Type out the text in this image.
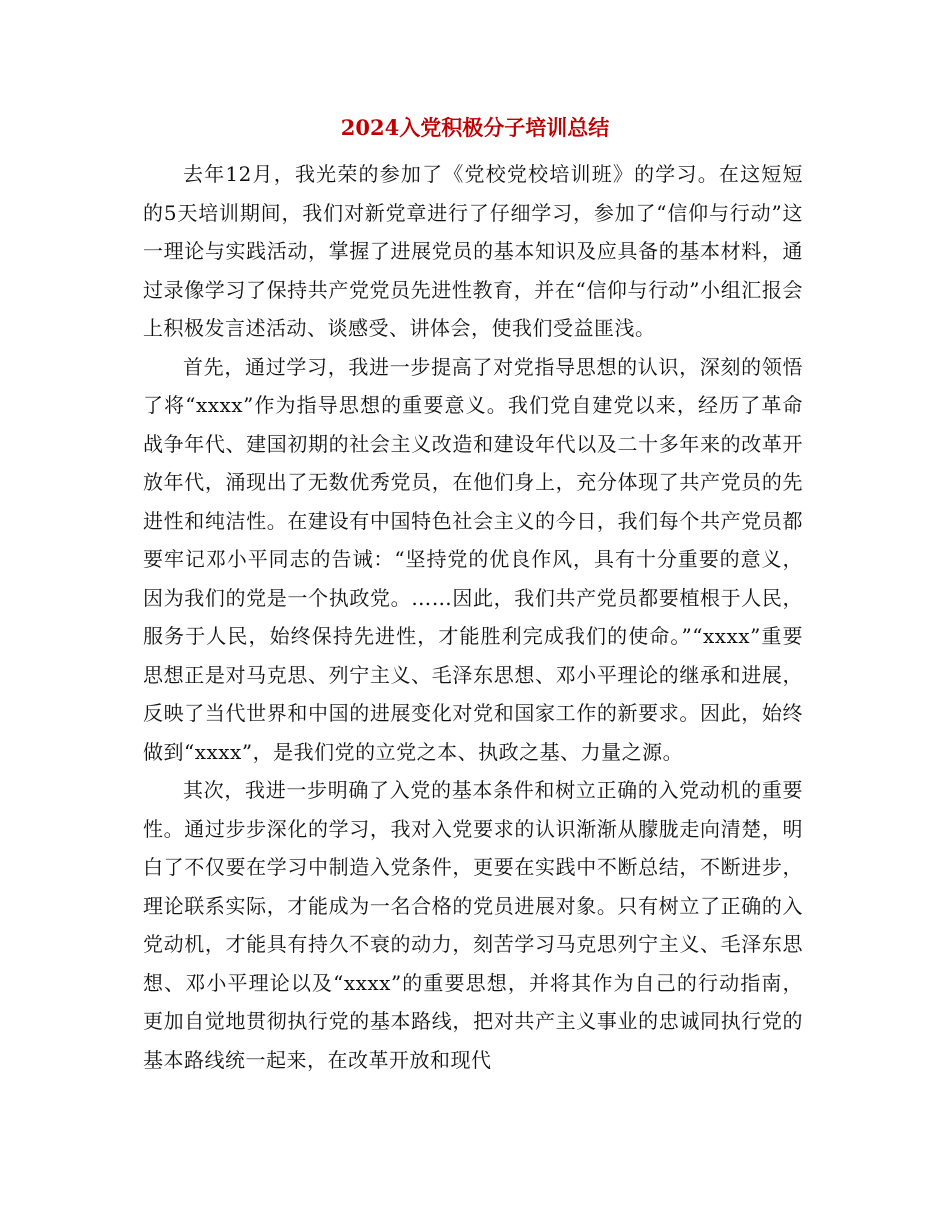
2024入党积极分子培训总结

去年12月，我光荣的参加了《党校党校培训班》的学习。在这短短的5天培训期间，我们对新党章进行了仔细学习，参加了“信仰与行动”这一理论与实践活动，掌握了进展党员的基本知识及应具备的基本材料，通过录像学习了保持共产党党员先进性教育，并在“信仰与行动”小组汇报会上积极发言述活动、谈感受、讲体会，使我们受益匪浅。

首先，通过学习，我进一步提高了对党指导思想的认识，深刻的领悟了将“xxxx”作为指导思想的重要意义。我们党自建党以来，经历了革命战争年代、建国初期的社会主义改造和建设年代以及二十多年来的改革开放年代，涌现出了无数优秀党员，在他们身上，充分体现了共产党员的先进性和纯洁性。在建设有中国特色社会主义的今日，我们每个共产党员都要牢记邓小平同志的告诫：“坚持党的优良作风，具有十分重要的意义，因为我们的党是一个执政党。……因此，我们共产党员都要植根于人民，服务于人民，始终保持先进性，才能胜利完成我们的使命。”“xxxx”重要思想正是对马克思、列宁主义、毛泽东思想、邓小平理论的继承和进展，反映了当代世界和中国的进展变化对党和国家工作的新要求。因此，始终做到“xxxx”，是我们党的立党之本、执政之基、力量之源。

其次，我进一步明确了入党的基本条件和树立正确的入党动机的重要性。通过步步深化的学习，我对入党要求的认识渐渐从朦胧走向清楚，明白了不仅要在学习中制造入党条件，更要在实践中不断总结，不断进步，理论联系实际，才能成为一名合格的党员进展对象。只有树立了正确的入党动机，才能具有持久不衰的动力，刻苦学习马克思列宁主义、毛泽东思想、邓小平理论以及“xxxx”的重要思想，并将其作为自己的行动指南，更加自觉地贯彻执行党的基本路线，把对共产主义事业的忠诚同执行党的基本路线统一起来，在改革开放和现代
